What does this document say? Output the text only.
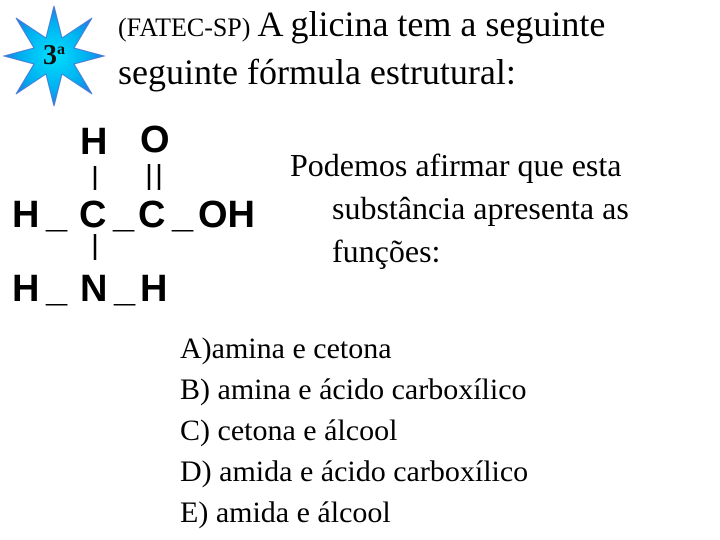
3$^a$
(FATEC-SP) A glicina tem a seguinte
seguinte fórmula estrutural:
H O
H _ C _ C _ OH
H _ N _ H
Podemos afirmar que esta
substância apresenta as
funções:
A)amina e cetona
B) amina e ácido carboxílico
C) cetona e álcool
D) amida e ácido carboxílico
E) amida e álcool
